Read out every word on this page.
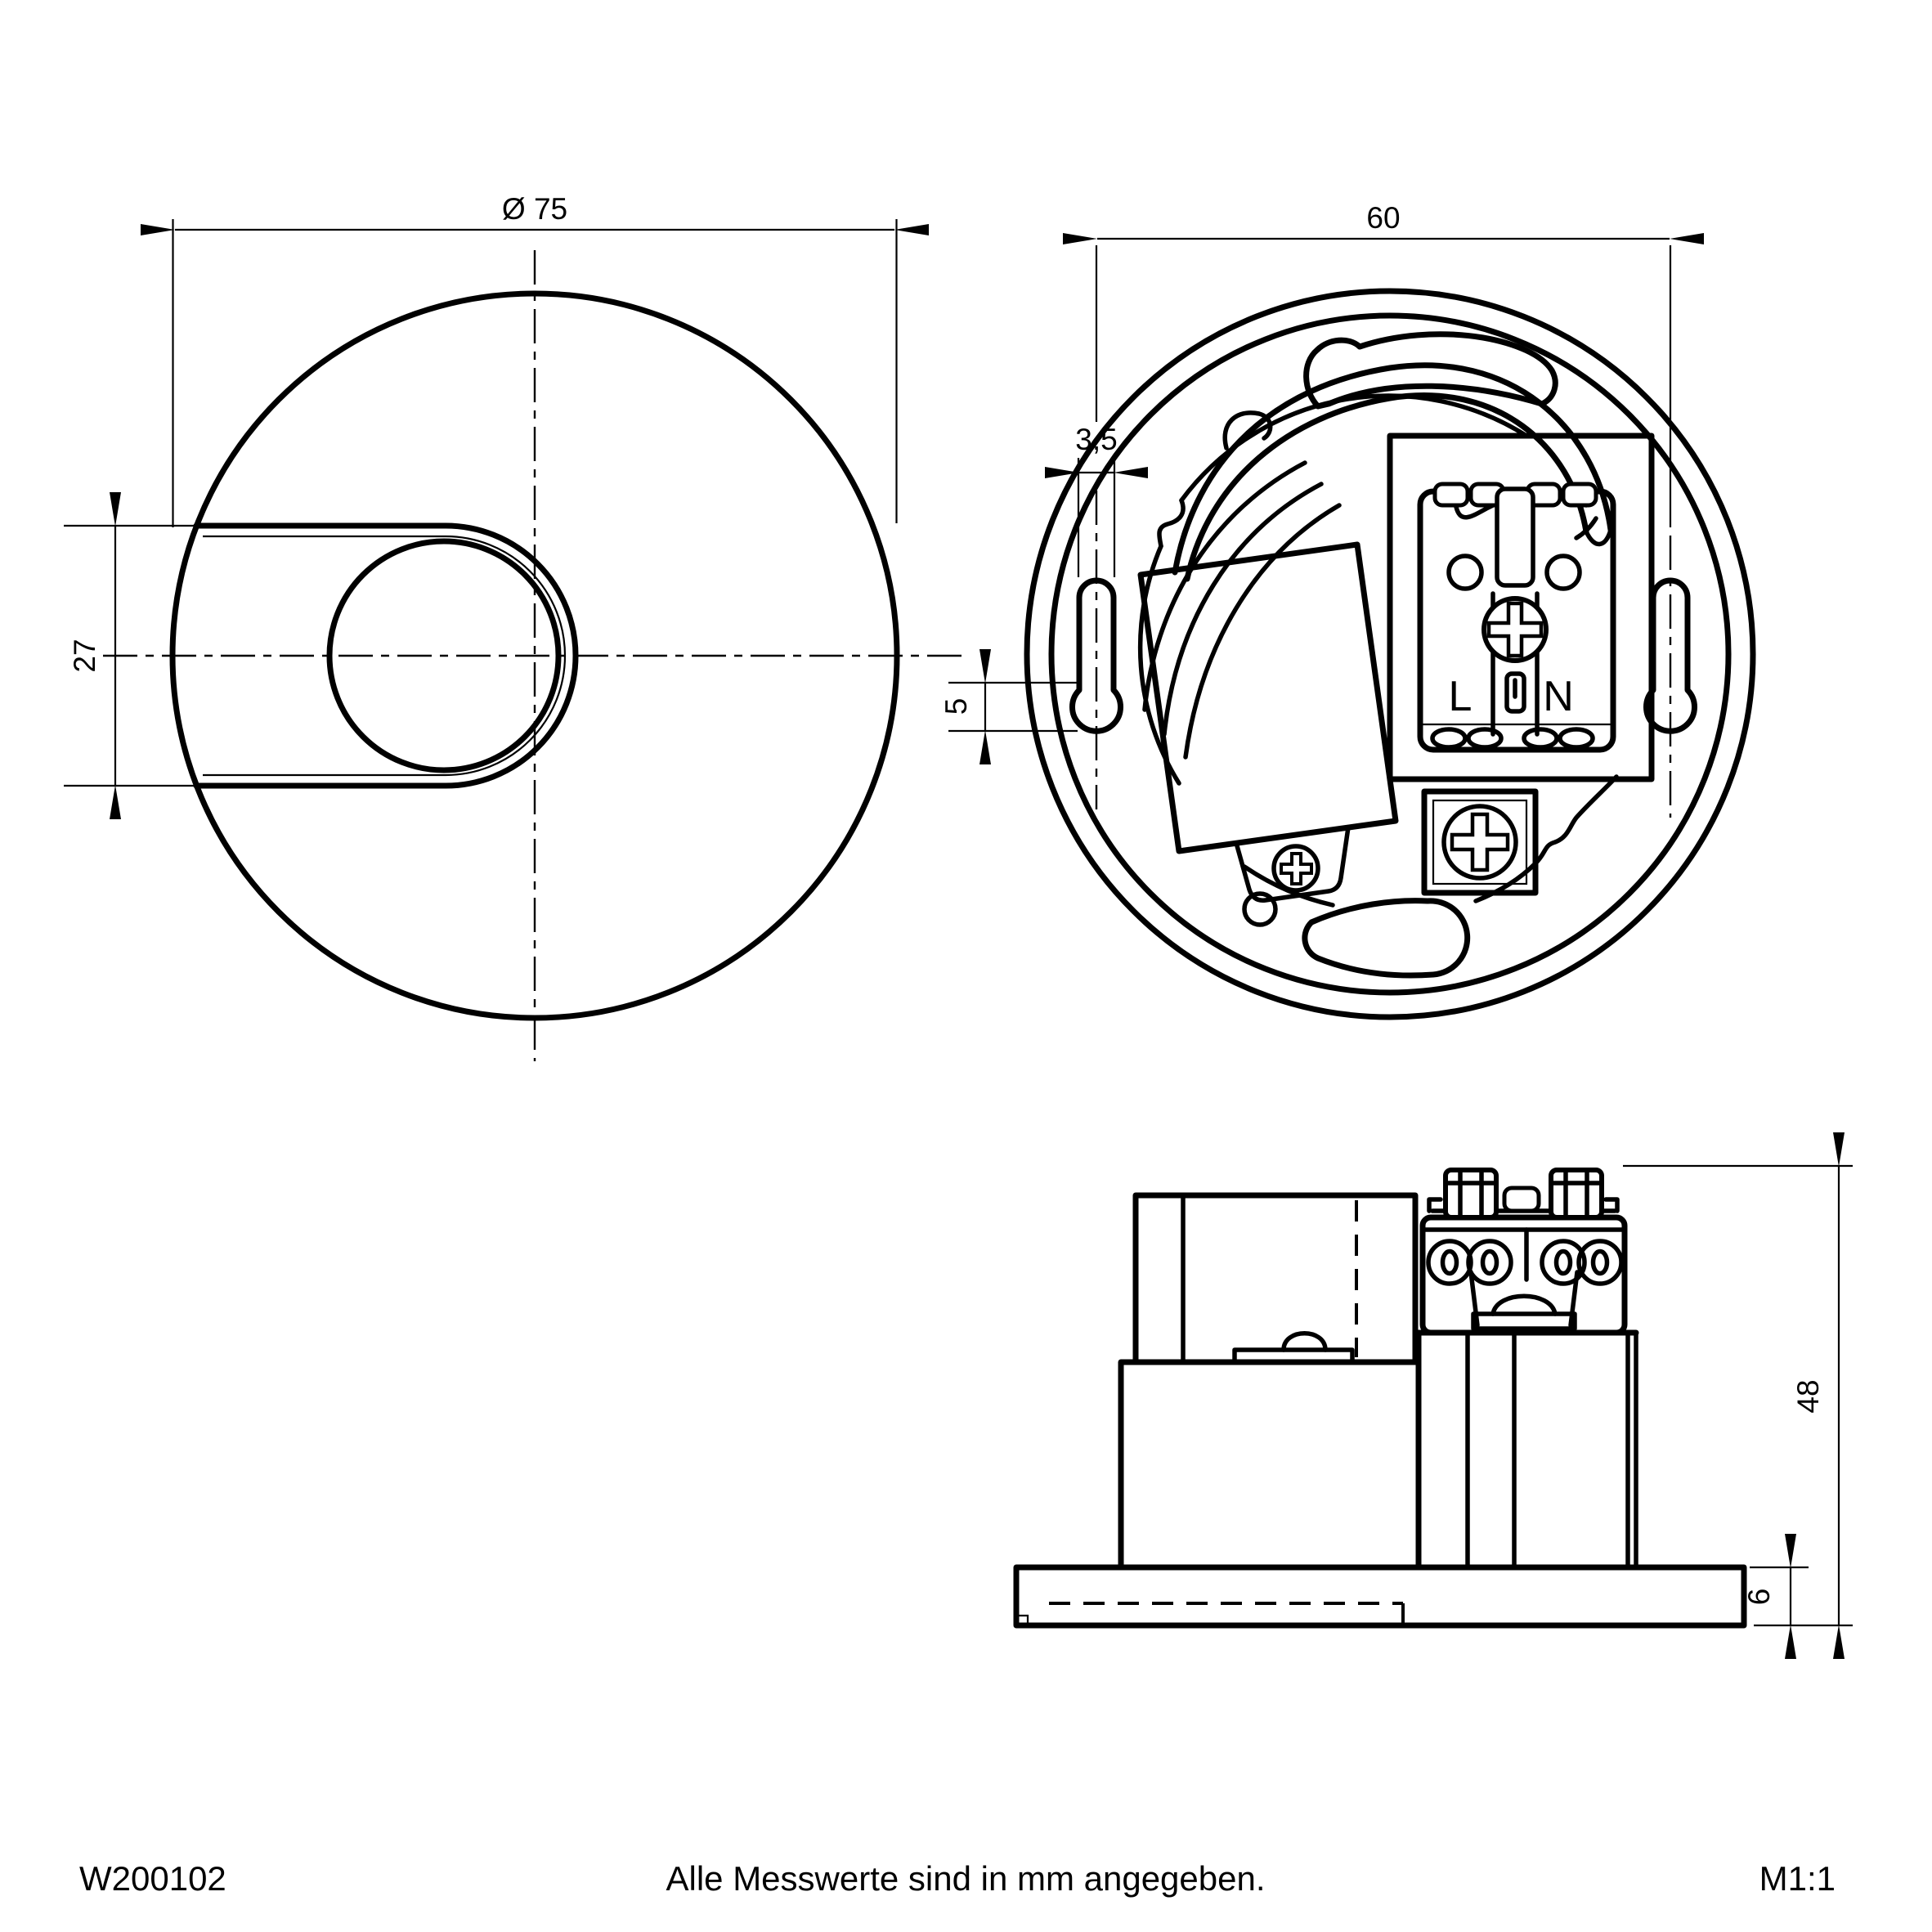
Ø 75
27
L N
60
3,5
5
48
6
W200102	Alle Messwerte sind in mm angegeben.	M1:1
